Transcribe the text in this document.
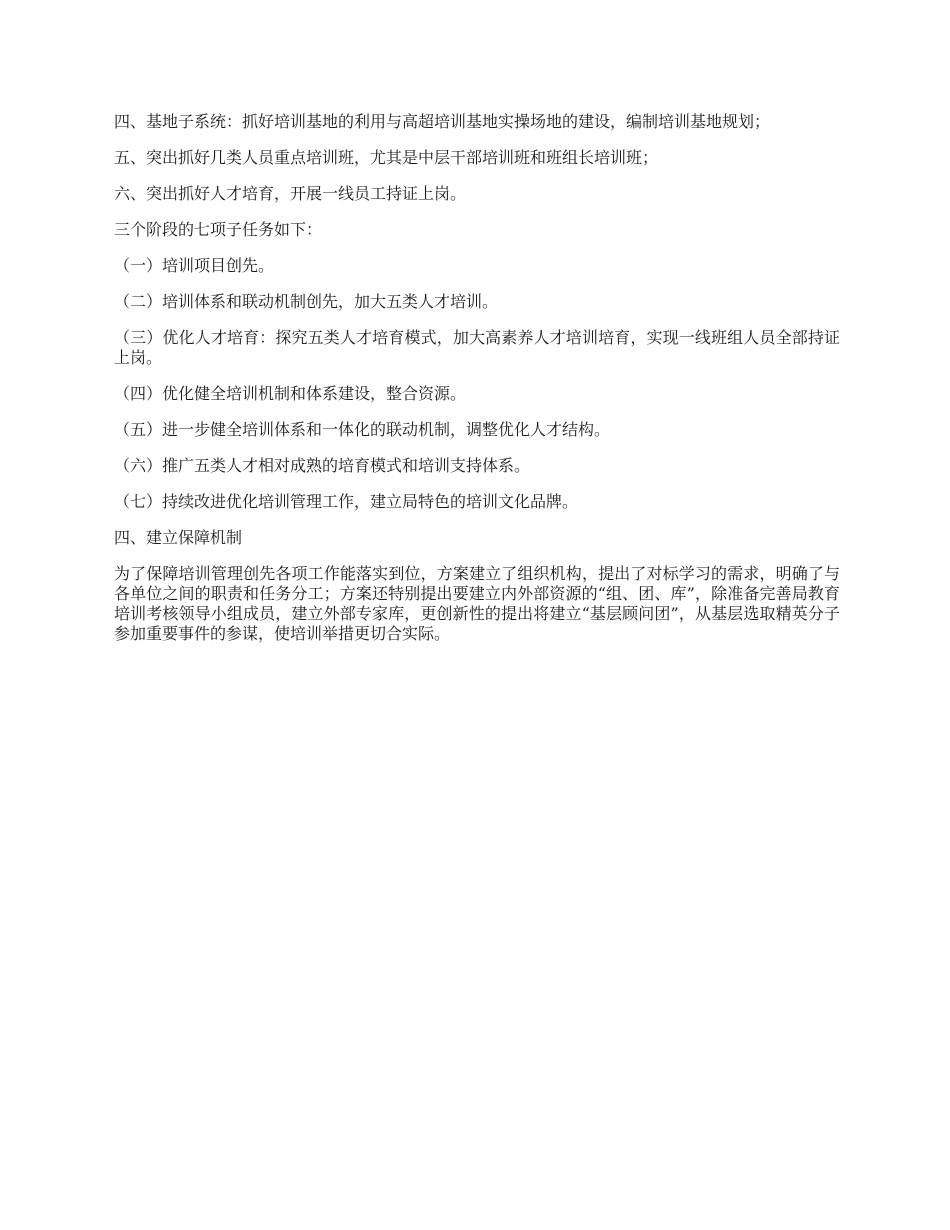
四、基地子系统：抓好培训基地的利用与高超培训基地实操场地的建设，编制培训基地规划；

五、突出抓好几类人员重点培训班，尤其是中层干部培训班和班组长培训班；

六、突出抓好人才培育，开展一线员工持证上岗。

三个阶段的七项子任务如下：

（一）培训项目创先。

（二）培训体系和联动机制创先，加大五类人才培训。

（三）优化人才培育：探究五类人才培育模式，加大高素养人才培训培育，实现一线班组人员全部持证上岗。

（四）优化健全培训机制和体系建设，整合资源。

（五）进一步健全培训体系和一体化的联动机制，调整优化人才结构。

（六）推广五类人才相对成熟的培育模式和培训支持体系。

（七）持续改进优化培训管理工作，建立局特色的培训文化品牌。

四、建立保障机制

为了保障培训管理创先各项工作能落实到位，方案建立了组织机构，提出了对标学习的需求，明确了与各单位之间的职责和任务分工；方案还特别提出要建立内外部资源的“组、团、库”，除准备完善局教育培训考核领导小组成员，建立外部专家库，更创新性的提出将建立“基层顾问团”，从基层选取精英分子参加重要事件的参谋，使培训举措更切合实际。
